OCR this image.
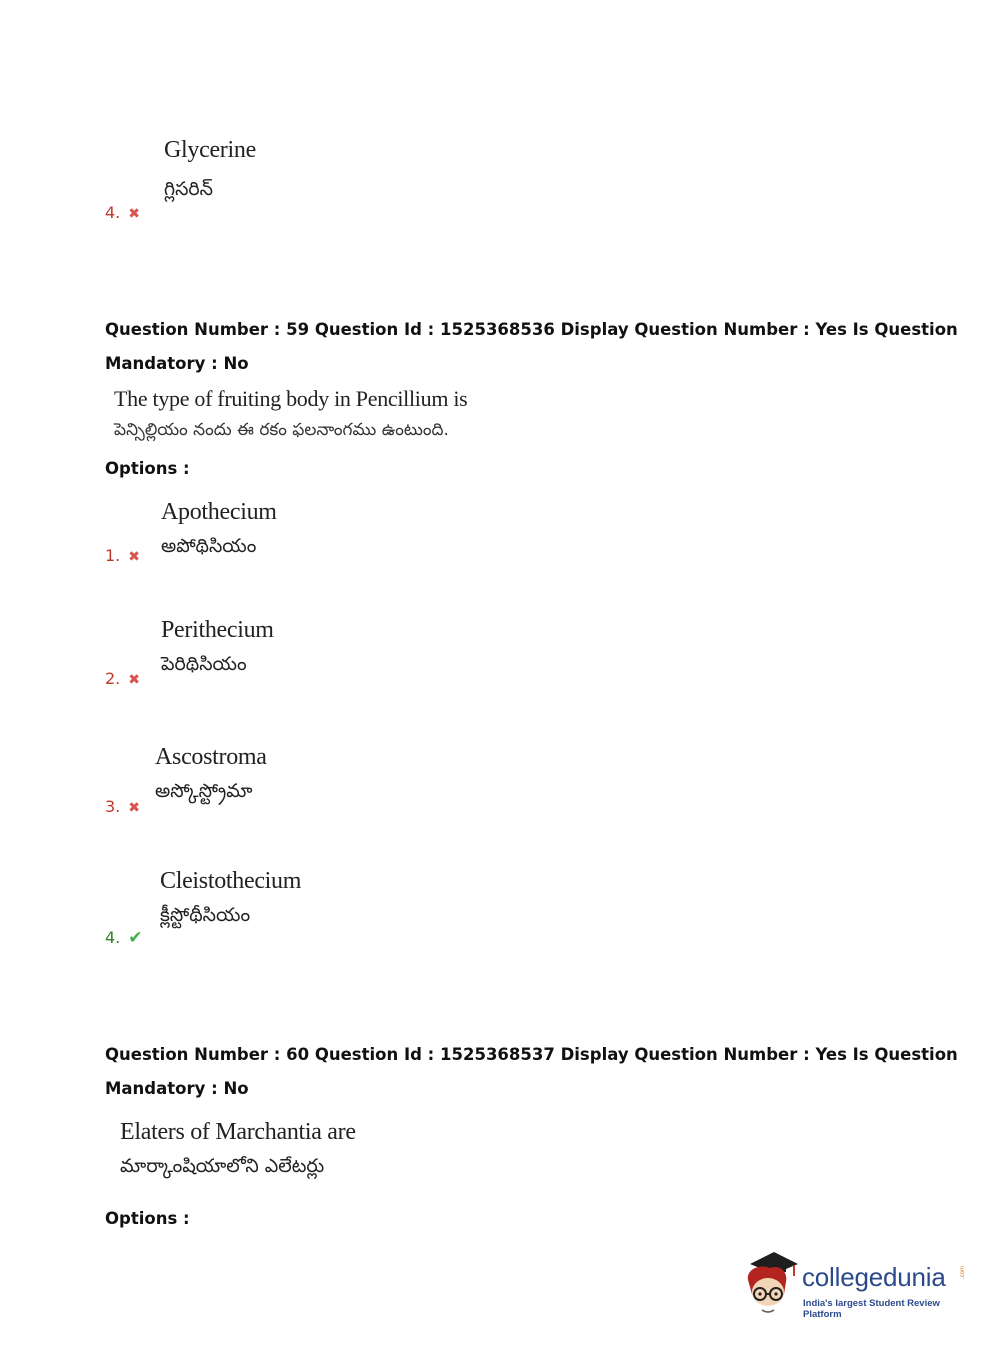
Glycerine
గ్లిసరిన్
4. ✖
Question Number : 59 Question Id : 1525368536 Display Question Number : Yes Is Question
Mandatory : No
The type of fruiting body in Pencillium is
పెన్సిల్లియం నందు ఈ రకం ఫలనాంగము ఉంటుంది.
Options :
Apothecium
అపోథిసియం
1. ✖
Perithecium
పెరిథిసియం
2. ✖
Ascostroma
అస్కోస్ట్రోమా
3. ✖
Cleistothecium
క్లీస్టోథీసియం
4. ✔
Question Number : 60 Question Id : 1525368537 Display Question Number : Yes Is Question
Mandatory : No
Elaters of Marchantia are
మార్కాంషియాలోని ఎలేటర్లు
Options :
collegedunia .com
India's largest Student Review Platform
